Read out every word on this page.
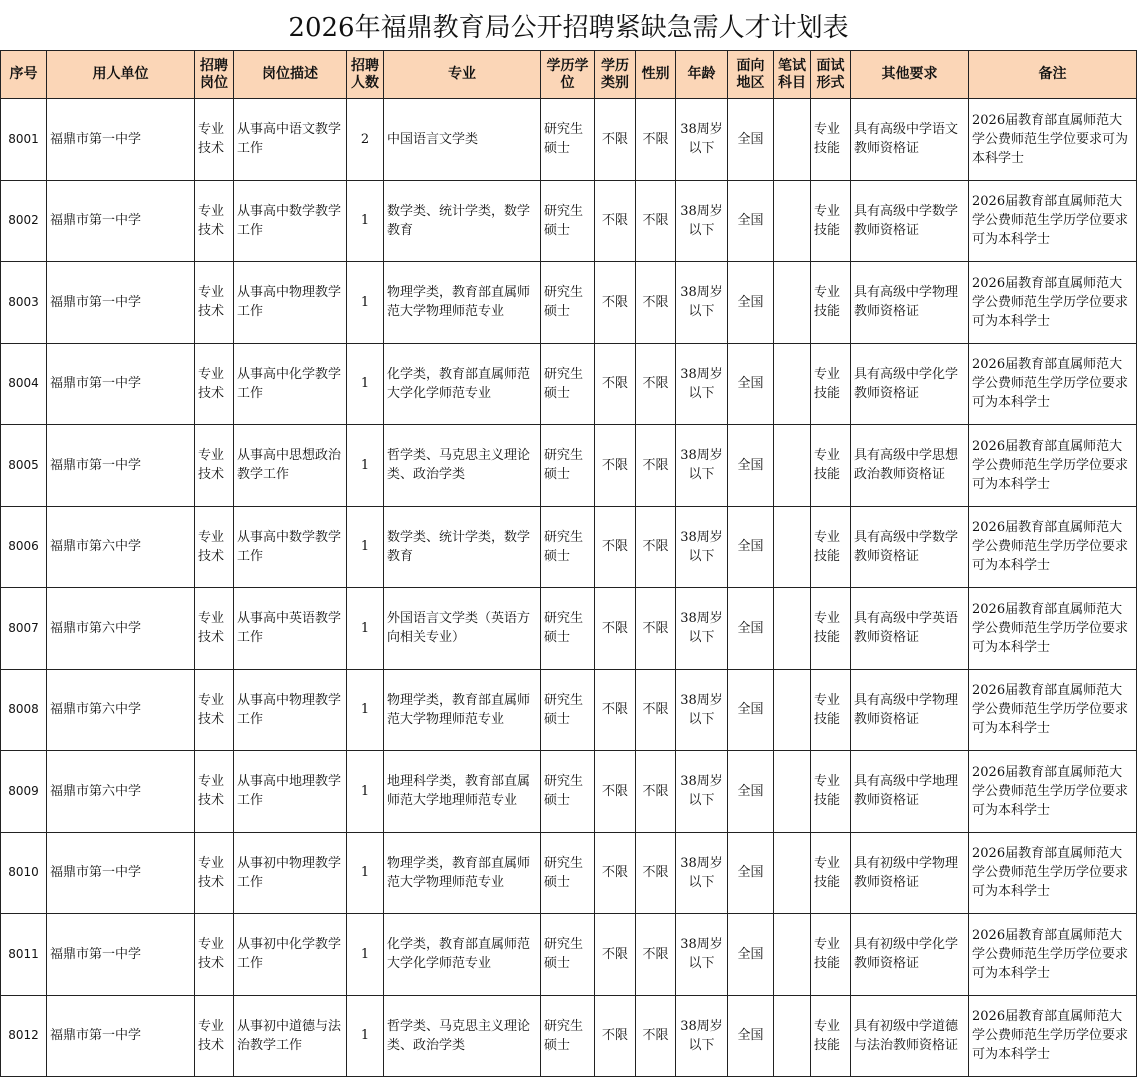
2026年福鼎教育局公开招聘紧缺急需人才计划表
序号	用人单位	招聘岗位	岗位描述	招聘人数	专业	学历学位	学历类别	性别	年龄	面向地区	笔试科目	面试形式	其他要求	备注
8001	福鼎市第一中学	专业技术	从事高中语文教学工作	2	中国语言文学类	研究生硕士	不限	不限	38周岁以下	全国		专业技能	具有高级中学语文教师资格证	2026届教育部直属师范大学公费师范生学位要求可为本科学士
8002	福鼎市第一中学	专业技术	从事高中数学教学工作	1	数学类、统计学类，数学教育	研究生硕士	不限	不限	38周岁以下	全国		专业技能	具有高级中学数学教师资格证	2026届教育部直属师范大学公费师范生学历学位要求可为本科学士
8003	福鼎市第一中学	专业技术	从事高中物理教学工作	1	物理学类，教育部直属师范大学物理师范专业	研究生硕士	不限	不限	38周岁以下	全国		专业技能	具有高级中学物理教师资格证	2026届教育部直属师范大学公费师范生学历学位要求可为本科学士
8004	福鼎市第一中学	专业技术	从事高中化学教学工作	1	化学类，教育部直属师范大学化学师范专业	研究生硕士	不限	不限	38周岁以下	全国		专业技能	具有高级中学化学教师资格证	2026届教育部直属师范大学公费师范生学历学位要求可为本科学士
8005	福鼎市第一中学	专业技术	从事高中思想政治教学工作	1	哲学类、马克思主义理论类、政治学类	研究生硕士	不限	不限	38周岁以下	全国		专业技能	具有高级中学思想政治教师资格证	2026届教育部直属师范大学公费师范生学历学位要求可为本科学士
8006	福鼎市第六中学	专业技术	从事高中数学教学工作	1	数学类、统计学类，数学教育	研究生硕士	不限	不限	38周岁以下	全国		专业技能	具有高级中学数学教师资格证	2026届教育部直属师范大学公费师范生学历学位要求可为本科学士
8007	福鼎市第六中学	专业技术	从事高中英语教学工作	1	外国语言文学类（英语方向相关专业）	研究生硕士	不限	不限	38周岁以下	全国		专业技能	具有高级中学英语教师资格证	2026届教育部直属师范大学公费师范生学历学位要求可为本科学士
8008	福鼎市第六中学	专业技术	从事高中物理教学工作	1	物理学类，教育部直属师范大学物理师范专业	研究生硕士	不限	不限	38周岁以下	全国		专业技能	具有高级中学物理教师资格证	2026届教育部直属师范大学公费师范生学历学位要求可为本科学士
8009	福鼎市第六中学	专业技术	从事高中地理教学工作	1	地理科学类，教育部直属师范大学地理师范专业	研究生硕士	不限	不限	38周岁以下	全国		专业技能	具有高级中学地理教师资格证	2026届教育部直属师范大学公费师范生学历学位要求可为本科学士
8010	福鼎市第一中学	专业技术	从事初中物理教学工作	1	物理学类，教育部直属师范大学物理师范专业	研究生硕士	不限	不限	38周岁以下	全国		专业技能	具有初级中学物理教师资格证	2026届教育部直属师范大学公费师范生学历学位要求可为本科学士
8011	福鼎市第一中学	专业技术	从事初中化学教学工作	1	化学类，教育部直属师范大学化学师范专业	研究生硕士	不限	不限	38周岁以下	全国		专业技能	具有初级中学化学教师资格证	2026届教育部直属师范大学公费师范生学历学位要求可为本科学士
8012	福鼎市第一中学	专业技术	从事初中道德与法治教学工作	1	哲学类、马克思主义理论类、政治学类	研究生硕士	不限	不限	38周岁以下	全国		专业技能	具有初级中学道德与法治教师资格证	2026届教育部直属师范大学公费师范生学历学位要求可为本科学士
